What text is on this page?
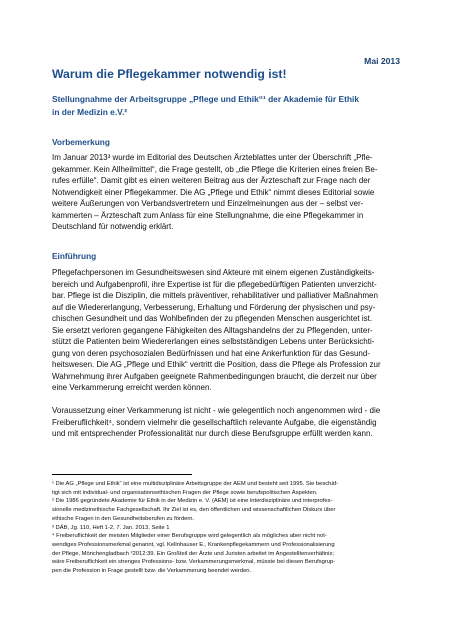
Mai 2013
Warum die Pflegekammer notwendig ist!
Stellungnahme der Arbeitsgruppe „Pflege und Ethik“¹ der Akademie für Ethik
in der Medizin e.V.²
Vorbemerkung
Im Januar 2013³ wurde im Editorial des Deutschen Ärzteblattes unter der Überschrift „Pfle-
gekammer. Kein Allheilmittel“, die Frage gestellt, ob „die Pflege die Kriterien eines freien Be-
rufes erfülle“. Damit gibt es einen weiteren Beitrag aus der Ärzteschaft zur Frage nach der
Notwendigkeit einer Pflegekammer. Die AG „Pflege und Ethik“ nimmt dieses Editorial sowie
weitere Äußerungen von Verbandsvertretern und Einzelmeinungen aus der – selbst ver-
kammerten – Ärzteschaft zum Anlass für eine Stellungnahme, die eine Pflegekammer in
Deutschland für notwendig erklärt.
Einführung
Pflegefachpersonen im Gesundheitswesen sind Akteure mit einem eigenen Zuständigkeits-
bereich und Aufgabenprofil, ihre Expertise ist für die pflegebedürftigen Patienten unverzicht-
bar. Pflege ist die Disziplin, die mittels präventiver, rehabilitativer und palliativer Maßnahmen
auf die Wiedererlangung, Verbesserung, Erhaltung und Förderung der physischen und psy-
chischen Gesundheit und das Wohlbefinden der zu pflegenden Menschen ausgerichtet ist.
Sie ersetzt verloren gegangene Fähigkeiten des Alltagshandelns der zu Pflegenden, unter-
stützt die Patienten beim Wiedererlangen eines selbstständigen Lebens unter Berücksichti-
gung von deren psychosozialen Bedürfnissen und hat eine Ankerfunktion für das Gesund-
heitswesen. Die AG „Pflege und Ethik“ vertritt die Position, dass die Pflege als Profession zur
Wahrnehmung ihrer Aufgaben geeignete Rahmenbedingungen braucht, die derzeit nur über
eine Verkammerung erreicht werden können.
Voraussetzung einer Verkammerung ist nicht - wie gelegentlich noch angenommen wird - die
Freiberuflichkeit⁴, sondern vielmehr die gesellschaftlich relevante Aufgabe, die eigenständig
und mit entsprechender Professionalität nur durch diese Berufsgruppe erfüllt werden kann.
¹ Die AG „Pflege und Ethik“ ist eine multidisziplinäre Arbeitsgruppe der AEM und besteht seit 1995. Sie beschäf-
tigt sich mit individual- und organisationsethischen Fragen der Pflege sowie berufspolitischen Aspekten.
² Die 1986 gegründete Akademie für Ethik in der Medizin e. V. (AEM) ist eine interdisziplinäre und interprofes-
sionelle medizinethische Fachgesellschaft. Ihr Ziel ist es, den öffentlichen und wissenschaftlichen Diskurs über
ethische Fragen in den Gesundheitsberufen zu fördern.
³ DÄB, Jg. 110, Heft 1-2, 7. Jan. 2013, Seite 1
⁴ Freiberuflichkeit der meisten Mitglieder einer Berufsgruppe wird gelegentlich als mögliches aber nicht not-
wendiges Professionsmerkmal genannt, vgl. Kellnhauser E., Krankenpflegekammern und Professionalisierung
der Pflege, Mönchengladbach ²2012:39. Ein Großteil der Ärzte und Juristen arbeitet im Angestelltenverhältnis;
wäre Freiberuflichkeit ein strenges Professions- bzw. Verkammerungsmerkmal, müsste bei diesen Berufsgrup-
pen die Profession in Frage gestellt bzw. die Verkammerung beendet werden.
